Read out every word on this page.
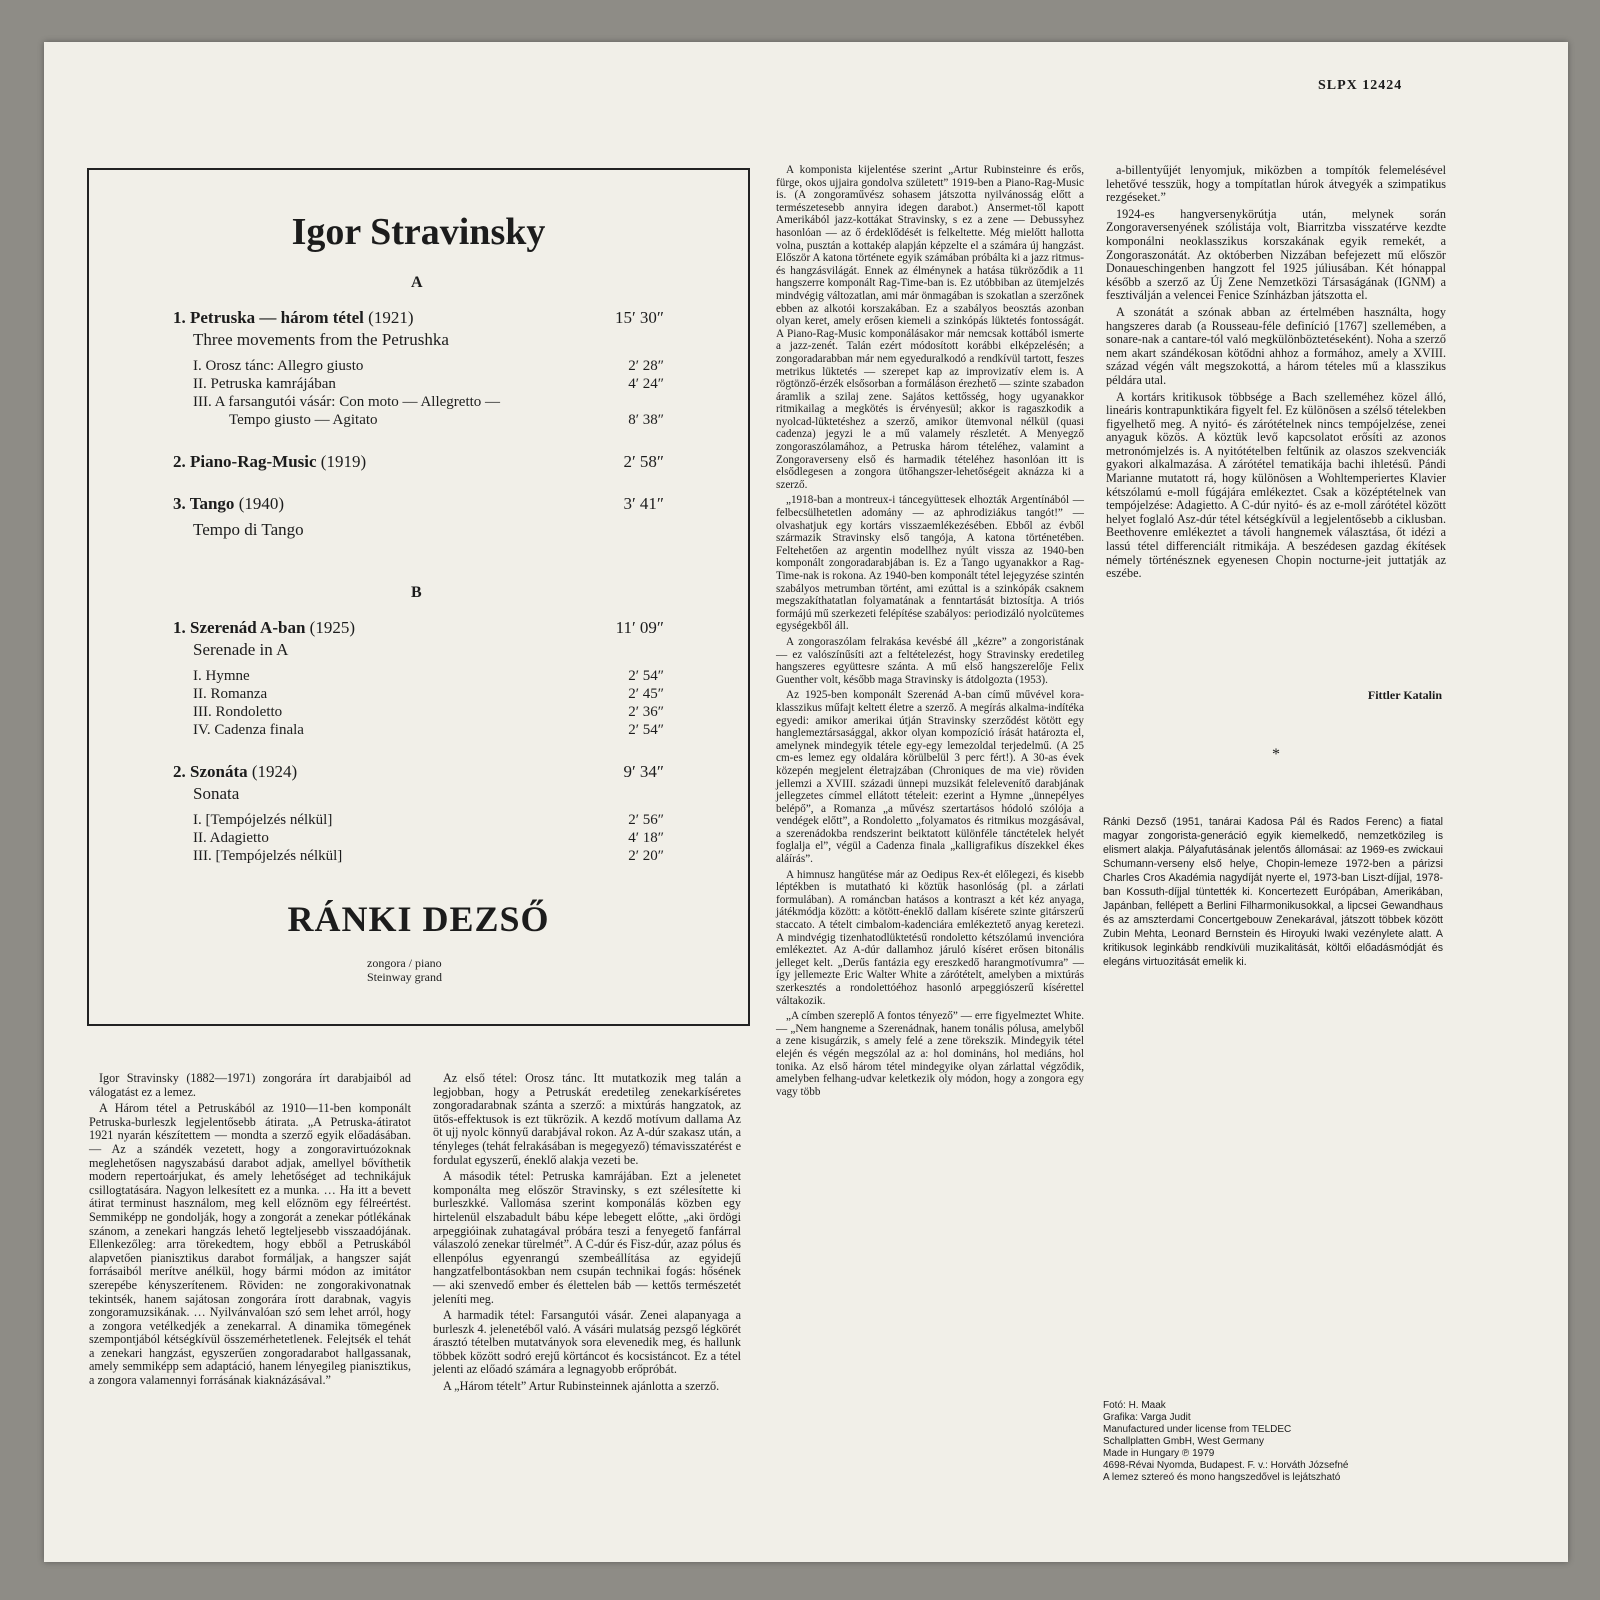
SLPX 12424
Igor Stravinsky
A
1. Petruska — három tétel (1921)	15′ 30″
Three movements from the Petrushka
I. Orosz tánc: Allegro giusto	2′ 28″
II. Petruska kamrájában	4′ 24″
III. A farsangutói vásár: Con moto — Allegretto —
Tempo giusto — Agitato	8′ 38″
2. Piano-Rag-Music (1919)	2′ 58″
3. Tango (1940)	3′ 41″
Tempo di Tango
B
1. Szerenád A-ban (1925)	11′ 09″
Serenade in A
I. Hymne	2′ 54″
II. Romanza	2′ 45″
III. Rondoletto	2′ 36″
IV. Cadenza finala	2′ 54″
2. Szonáta (1924)	9′ 34″
Sonata
I. [Tempójelzés nélkül]	2′ 56″
II. Adagietto	4′ 18″
III. [Tempójelzés nélkül]	2′ 20″
RÁNKI DEZSŐ
zongora / piano
Steinway grand

Igor Stravinsky (1882—1971) zongorára írt darabjaiból ad válogatást ez a lemez.

A Három tétel a Petruskából az 1910—11-ben komponált Petruska-burleszk legjelentősebb átirata. „A Petruska-átiratot 1921 nyarán készítettem — mondta a szerző egyik előadásában. — Az a szándék vezetett, hogy a zongoravirtuózoknak meglehetősen nagyszabású darabot adjak, amellyel bővíthetik modern repertoárjukat, és amely lehetőséget ad technikájuk csillogtatására. Nagyon lelkesített ez a munka. … Ha itt a bevett átirat terminust használom, meg kell előznöm egy félreértést. Semmiképp ne gondolják, hogy a zongorát a zenekar pótlékának szánom, a zenekari hangzás lehető legteljesebb visszaadójának. Ellenkezőleg: arra törekedtem, hogy ebből a Petruskából alapvetően pianisztikus darabot formáljak, a hangszer saját forrásaiból merítve anélkül, hogy bármi módon az imitátor szerepébe kényszerítenem. Röviden: ne zongorakivonatnak tekintsék, hanem sajátosan zongorára írott darabnak, vagyis zongoramuzsikának. … Nyilvánvalóan szó sem lehet arról, hogy a zongora vetélkedjék a zenekarral. A dinamika tömegének szempontjából kétségkívül összemérhetetlenek. Felejtsék el tehát a zenekari hangzást, egyszerűen zongoradarabot hallgassanak, amely semmiképp sem adaptáció, hanem lényegileg pianisztikus, a zongora valamennyi forrásának kiaknázásával.”

Az első tétel: Orosz tánc. Itt mutatkozik meg talán a legjobban, hogy a Petruskát eredetileg zenekarkíséretes zongoradarabnak szánta a szerző: a mixtúrás hangzatok, az ütős-effektusok is ezt tükrözik. A kezdő motívum dallama Az öt ujj nyolc könnyű darabjával rokon. Az A-dúr szakasz után, a tényleges (tehát felrakásában is megegyező) témavisszatérést e fordulat egyszerű, éneklő alakja vezeti be.

A második tétel: Petruska kamrájában. Ezt a jelenetet komponálta meg először Stravinsky, s ezt szélesítette ki burleszkké. Vallomása szerint komponálás közben egy hirtelenül elszabadult bábu képe lebegett előtte, „aki ördögi arpeggióinak zuhatagával próbára teszi a fenyegető fanfárral válaszoló zenekar türelmét”. A C-dúr és Fisz-dúr, azaz pólus és ellenpólus egyenrangú szembeállítása az egyidejű hangzatfelbontásokban nem csupán technikai fogás: hősének — aki szenvedő ember és élettelen báb — kettős természetét jeleníti meg.

A harmadik tétel: Farsangutói vásár. Zenei alapanyaga a burleszk 4. jelenetéből való. A vásári mulatság pezsgő légkörét árasztó tételben mutatványok sora elevenedik meg, és hallunk többek között sodró erejű körtáncot és kocsistáncot. Ez a tétel jelenti az előadó számára a legnagyobb erőpróbát.

A „Három tételt” Artur Rubinsteinnek ajánlotta a szerző.

A komponista kijelentése szerint „Artur Rubinsteinre és erős, fürge, okos ujjaira gondolva született” 1919-ben a Piano-Rag-Music is. (A zongoraművész sohasem játszotta nyilvánosság előtt a természetesebb annyira idegen darabot.) Ansermet-től kapott Amerikából jazz-kottákat Stravinsky, s ez a zene — Debussyhez hasonlóan — az ő érdeklődését is felkeltette. Még mielőtt hallotta volna, pusztán a kottakép alapján képzelte el a számára új hangzást. Először A katona története egyik számában próbálta ki a jazz ritmus- és hangzásvilágát. Ennek az élménynek a hatása tükröződik a 11 hangszerre komponált Rag-Time-ban is. Ez utóbbiban az ütemjelzés mindvégig változatlan, ami már önmagában is szokatlan a szerzőnek ebben az alkotói korszakában. Ez a szabályos beosztás azonban olyan keret, amely erősen kiemeli a szinkópás lüktetés fontosságát. A Piano-Rag-Music komponálásakor már nemcsak kottából ismerte a jazz-zenét. Talán ezért módosított korábbi elképzelésén; a zongoradarabban már nem egyeduralkodó a rendkívül tartott, feszes metrikus lüktetés — szerepet kap az improvizatív elem is. A rögtönző-érzék elsősorban a formáláson érezhető — szinte szabadon áramlik a szilaj zene. Sajátos kettősség, hogy ugyanakkor ritmikailag a megkötés is érvényesül; akkor is ragaszkodik a nyolcad-lüktetéshez a szerző, amikor ütemvonal nélkül (quasi cadenza) jegyzi le a mű valamely részletét. A Menyegző zongoraszólamához, a Petruska három tételéhez, valamint a Zongoraverseny első és harmadik tételéhez hasonlóan itt is elsődlegesen a zongora ütőhangszer-lehetőségeit aknázza ki a szerző.

„1918-ban a montreux-i táncegyüttesek elhozták Argentínából — felbecsülhetetlen adomány — az aphrodiziákus tangót!” — olvashatjuk egy kortárs visszaemlékezésében. Ebből az évből származik Stravinsky első tangója, A katona történetében. Feltehetően az argentin modellhez nyúlt vissza az 1940-ben komponált zongoradarabjában is. Ez a Tango ugyanakkor a Rag-Time-nak is rokona. Az 1940-ben komponált tétel lejegyzése szintén szabályos metrumban történt, ami ezúttal is a szinkópák csaknem megszakíthatatlan folyamatának a fenntartását biztosítja. A triós formájú mű szerkezeti felépítése szabályos: periodizáló nyolcütemes egységekből áll.

A zongoraszólam felrakása kevésbé áll „kézre” a zongoristának — ez valószínűsíti azt a feltételezést, hogy Stravinsky eredetileg hangszeres együttesre szánta. A mű első hangszerelője Felix Guenther volt, később maga Stravinsky is átdolgozta (1953).

Az 1925-ben komponált Szerenád A-ban című művével kora-klasszikus műfajt keltett életre a szerző. A megírás alkalma-indítéka egyedi: amikor amerikai útján Stravinsky szerződést kötött egy hanglemeztársasággal, akkor olyan kompozíció írását határozta el, amelynek mindegyik tétele egy-egy lemezoldal terjedelmű. (A 25 cm-es lemez egy oldalára körülbelül 3 perc fért!). A 30-as évek közepén megjelent életrajzában (Chroniques de ma vie) röviden jellemzi a XVIII. századi ünnepi muzsikát felelevenítő darabjának jellegzetes címmel ellátott tételeit: ezerint a Hymne „ünnepélyes belépő”, a Romanza „a művész szertartásos hódoló szólója a vendégek előtt”, a Rondoletto „folyamatos és ritmikus mozgásával, a szerenádokba rendszerint beiktatott különféle tánctételek helyét foglalja el”, végül a Cadenza finala „kalligrafikus díszekkel ékes aláírás”.

A himnusz hangütése már az Oedipus Rex-ét előlegezi, és kisebb léptékben is mutatható ki köztük hasonlóság (pl. a zárlati formulában). A románcban hatásos a kontraszt a két kéz anyaga, játékmódja között: a kötött-éneklő dallam kísérete szinte gitárszerű staccato. A tételt cimbalom-kadenciára emlékeztető anyag keretezi. A mindvégig tizenhatodlüktetésű rondoletto kétszólamú invencióra emlékeztet. Az A-dúr dallamhoz járuló kíséret erősen bitonális jelleget kelt. „Derűs fantázia egy ereszkedő harangmotívumra” — így jellemezte Eric Walter White a zárótételt, amelyben a mixtúrás szerkesztés a rondolettóéhoz hasonló arpeggiószerű kísérettel váltakozik.

„A címben szereplő A fontos tényező” — erre figyelmeztet White. — „Nem hangneme a Szerenádnak, hanem tonális pólusa, amelyből a zene kisugárzik, s amely felé a zene törekszik. Mindegyik tétel elején és végén megszólal az a: hol domináns, hol mediáns, hol tonika. Az első három tétel mindegyike olyan zárlattal végződik, amelyben felhang-udvar keletkezik oly módon, hogy a zongora egy vagy több

a-billentyűjét lenyomjuk, miközben a tompítók felemelésével lehetővé tesszük, hogy a tompítatlan húrok átvegyék a szimpatikus rezgéseket.”

1924-es hangversenykörútja után, melynek során Zongoraversenyének szólistája volt, Biarritzba visszatérve kezdte komponálni neoklasszikus korszakának egyik remekét, a Zongoraszonátát. Az októberben Nizzában befejezett mű először Donaueschingenben hangzott fel 1925 júliusában. Két hónappal később a szerző az Új Zene Nemzetközi Társaságának (IGNM) a fesztiválján a velencei Fenice Színházban játszotta el.

A szonátát a szónak abban az értelmében használta, hogy hangszeres darab (a Rousseau-féle definíció [1767] szellemében, a sonare-nak a cantare-tól való megkülönböztetéseként). Noha a szerző nem akart szándékosan kötődni ahhoz a formához, amely a XVIII. század végén vált megszokottá, a három tételes mű a klasszikus példára utal.

A kortárs kritikusok többsége a Bach szelleméhez közel álló, lineáris kontrapunktikára figyelt fel. Ez különösen a szélső tételekben figyelhető meg. A nyitó- és zárótételnek nincs tempójelzése, zenei anyaguk közös. A köztük levő kapcsolatot erősíti az azonos metronómjelzés is. A nyitótételben feltűnik az olaszos szekvenciák gyakori alkalmazása. A zárótétel tematikája bachi ihletésű. Pándi Marianne mutatott rá, hogy különösen a Wohltemperiertes Klavier kétszólamú e-moll fúgájára emlékeztet. Csak a középtételnek van tempójelzése: Adagietto. A C-dúr nyitó- és az e-moll zárótétel között helyet foglaló Asz-dúr tétel kétségkívül a legjelentősebb a ciklusban. Beethovenre emlékeztet a távoli hangnemek választása, őt idézi a lassú tétel differenciált ritmikája. A beszédesen gazdag ékítések némely történésznek egyenesen Chopin nocturne-jeit juttatják az eszébe.

Fittler Katalin
*
Ránki Dezső (1951, tanárai Kadosa Pál és Rados Ferenc) a fiatal magyar zongorista-generáció egyik kiemelkedő, nemzetközileg is elismert alakja. Pályafutásának jelentős állomásai: az 1969-es zwickaui Schumann-verseny első helye, Chopin-lemeze 1972-ben a párizsi Charles Cros Akadémia nagydíját nyerte el, 1973-ban Liszt-díjjal, 1978-ban Kossuth-díjjal tüntették ki. Koncertezett Európában, Amerikában, Japánban, fellépett a Berlini Filharmonikusokkal, a lipcsei Gewandhaus és az amszterdami Concertgebouw Zenekarával, játszott többek között Zubin Mehta, Leonard Bernstein és Hiroyuki Iwaki vezénylete alatt. A kritikusok leginkább rendkívüli muzikalitását, költői előadásmódját és elegáns virtuozitását emelik ki.
Fotó: H. Maak
Grafika: Varga Judit
Manufactured under license from TELDEC
Schallplatten GmbH, West Germany
Made in Hungary ℗ 1979
4698-Révai Nyomda, Budapest. F. v.: Horváth Józsefné
A lemez sztereó és mono hangszedővel is lejátszható
